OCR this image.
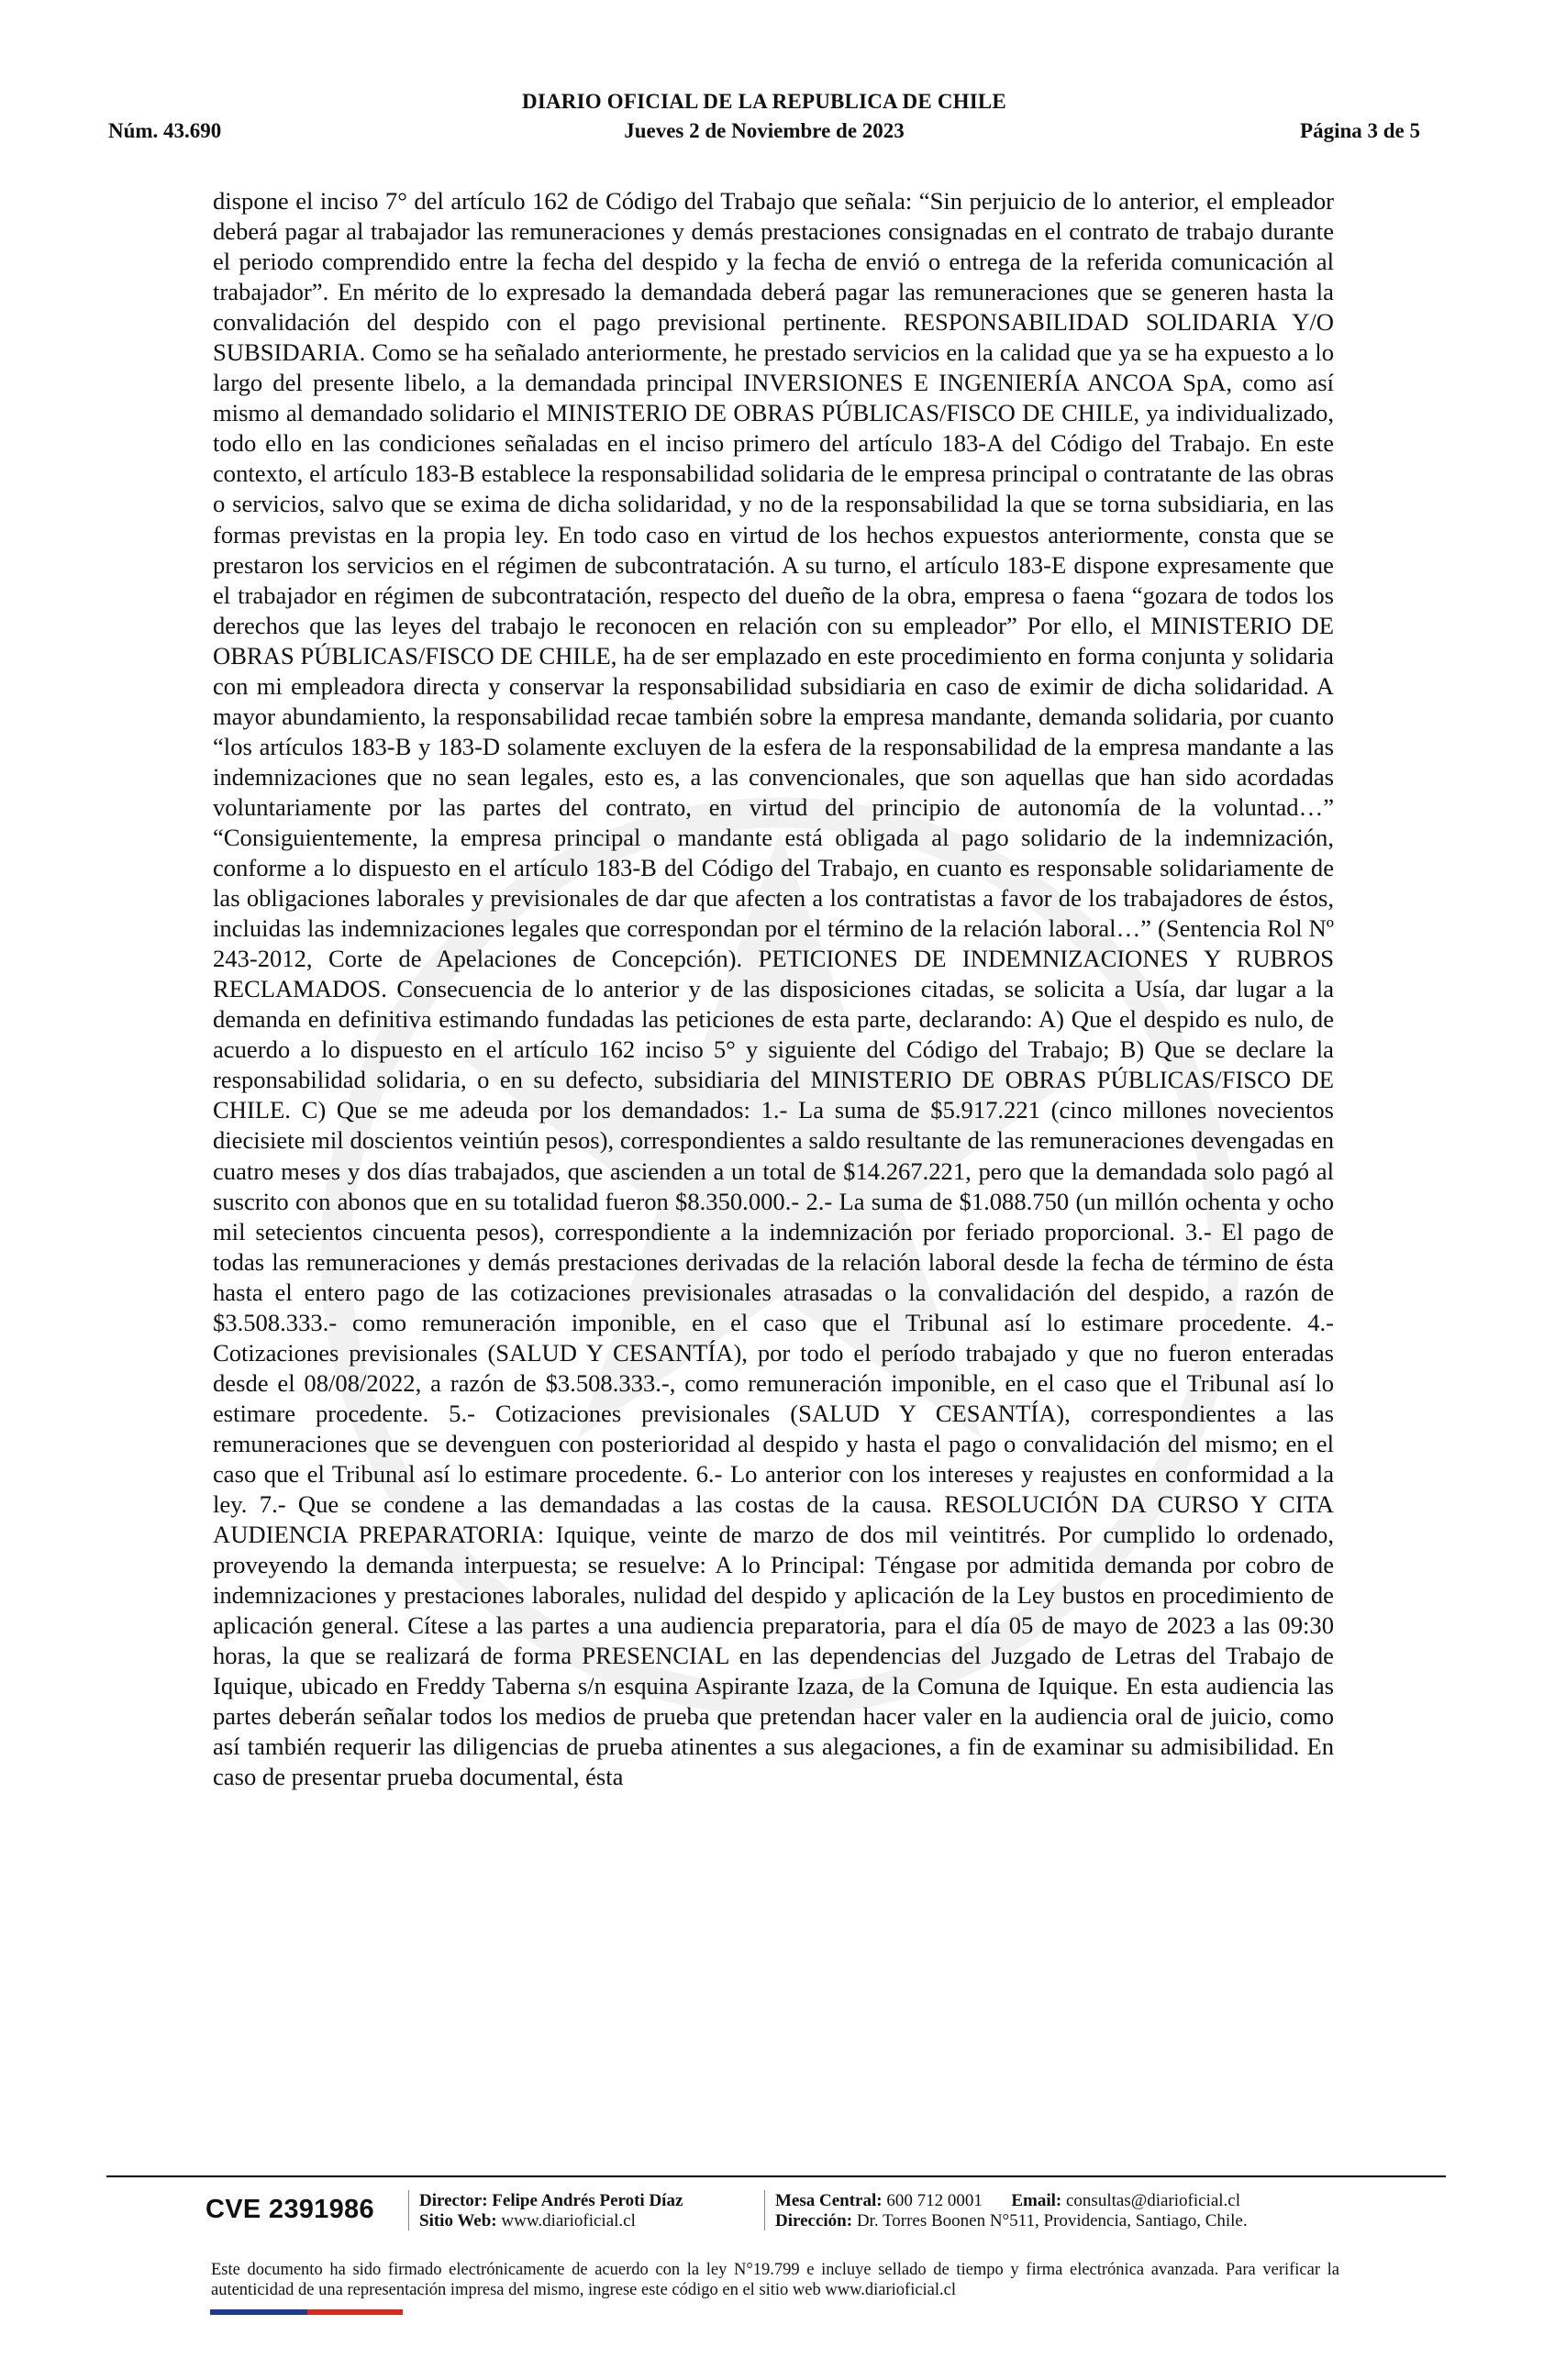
DIARIO OFICIAL DE LA REPUBLICA DE CHILE
Núm. 43.690	Jueves 2 de Noviembre de 2023	Página 3 de 5
dispone el inciso 7° del artículo 162 de Código del Trabajo que señala: “Sin perjuicio de lo anterior, el empleador deberá pagar al trabajador las remuneraciones y demás prestaciones consignadas en el contrato de trabajo durante el periodo comprendido entre la fecha del despido y la fecha de envió o entrega de la referida comunicación al trabajador”. En mérito de lo expresado la demandada deberá pagar las remuneraciones que se generen hasta la convalidación del despido con el pago previsional pertinente. RESPONSABILIDAD SOLIDARIA Y/O SUBSIDARIA. Como se ha señalado anteriormente, he prestado servicios en la calidad que ya se ha expuesto a lo largo del presente libelo, a la demandada principal INVERSIONES E INGENIERÍA ANCOA SpA, como así mismo al demandado solidario el MINISTERIO DE OBRAS PÚBLICAS/FISCO DE CHILE, ya individualizado, todo ello en las condiciones señaladas en el inciso primero del artículo 183-A del Código del Trabajo. En este contexto, el artículo 183-B establece la responsabilidad solidaria de le empresa principal o contratante de las obras o servicios, salvo que se exima de dicha solidaridad, y no de la responsabilidad la que se torna subsidiaria, en las formas previstas en la propia ley. En todo caso en virtud de los hechos expuestos anteriormente, consta que se prestaron los servicios en el régimen de subcontratación. A su turno, el artículo 183-E dispone expresamente que el trabajador en régimen de subcontratación, respecto del dueño de la obra, empresa o faena “gozara de todos los derechos que las leyes del trabajo le reconocen en relación con su empleador” Por ello, el MINISTERIO DE OBRAS PÚBLICAS/FISCO DE CHILE, ha de ser emplazado en este procedimiento en forma conjunta y solidaria con mi empleadora directa y conservar la responsabilidad subsidiaria en caso de eximir de dicha solidaridad. A mayor abundamiento, la responsabilidad recae también sobre la empresa mandante, demanda solidaria, por cuanto “los artículos 183-B y 183-D solamente excluyen de la esfera de la responsabilidad de la empresa mandante a las indemnizaciones que no sean legales, esto es, a las convencionales, que son aquellas que han sido acordadas voluntariamente por las partes del contrato, en virtud del principio de autonomía de la voluntad…” “Consiguientemente, la empresa principal o mandante está obligada al pago solidario de la indemnización, conforme a lo dispuesto en el artículo 183-B del Código del Trabajo, en cuanto es responsable solidariamente de las obligaciones laborales y previsionales de dar que afecten a los contratistas a favor de los trabajadores de éstos, incluidas las indemnizaciones legales que correspondan por el término de la relación laboral…” (Sentencia Rol Nº 243-2012, Corte de Apelaciones de Concepción). PETICIONES DE INDEMNIZACIONES Y RUBROS RECLAMADOS. Consecuencia de lo anterior y de las disposiciones citadas, se solicita a Usía, dar lugar a la demanda en definitiva estimando fundadas las peticiones de esta parte, declarando: A) Que el despido es nulo, de acuerdo a lo dispuesto en el artículo 162 inciso 5° y siguiente del Código del Trabajo; B) Que se declare la responsabilidad solidaria, o en su defecto, subsidiaria del MINISTERIO DE OBRAS PÚBLICAS/FISCO DE CHILE. C) Que se me adeuda por los demandados: 1.- La suma de $5.917.221 (cinco millones novecientos diecisiete mil doscientos veintiún pesos), correspondientes a saldo resultante de las remuneraciones devengadas en cuatro meses y dos días trabajados, que ascienden a un total de $14.267.221, pero que la demandada solo pagó al suscrito con abonos que en su totalidad fueron $8.350.000.- 2.- La suma de $1.088.750 (un millón ochenta y ocho mil setecientos cincuenta pesos), correspondiente a la indemnización por feriado proporcional. 3.- El pago de todas las remuneraciones y demás prestaciones derivadas de la relación laboral desde la fecha de término de ésta hasta el entero pago de las cotizaciones previsionales atrasadas o la convalidación del despido, a razón de $3.508.333.- como remuneración imponible, en el caso que el Tribunal así lo estimare procedente. 4.- Cotizaciones previsionales (SALUD Y CESANTÍA), por todo el período trabajado y que no fueron enteradas desde el 08/08/2022, a razón de $3.508.333.-, como remuneración imponible, en el caso que el Tribunal así lo estimare procedente. 5.- Cotizaciones previsionales (SALUD Y CESANTÍA), correspondientes a las remuneraciones que se devenguen con posterioridad al despido y hasta el pago o convalidación del mismo; en el caso que el Tribunal así lo estimare procedente. 6.- Lo anterior con los intereses y reajustes en conformidad a la ley. 7.- Que se condene a las demandadas a las costas de la causa. RESOLUCIÓN DA CURSO Y CITA AUDIENCIA PREPARATORIA: Iquique, veinte de marzo de dos mil veintitrés. Por cumplido lo ordenado, proveyendo la demanda interpuesta; se resuelve: A lo Principal: Téngase por admitida demanda por cobro de indemnizaciones y prestaciones laborales, nulidad del despido y aplicación de la Ley bustos en procedimiento de aplicación general. Cítese a las partes a una audiencia preparatoria, para el día 05 de mayo de 2023 a las 09:30 horas, la que se realizará de forma PRESENCIAL en las dependencias del Juzgado de Letras del Trabajo de Iquique, ubicado en Freddy Taberna s/n esquina Aspirante Izaza, de la Comuna de Iquique. En esta audiencia las partes deberán señalar todos los medios de prueba que pretendan hacer valer en la audiencia oral de juicio, como así también requerir las diligencias de prueba atinentes a sus alegaciones, a fin de examinar su admisibilidad. En caso de presentar prueba documental, ésta
CVE 2391986	Director: Felipe Andrés Peroti Díaz
Sitio Web: www.diarioficial.cl
Mesa Central: 600 712 0001 Email: consultas@diarioficial.cl
Dirección: Dr. Torres Boonen N°511, Providencia, Santiago, Chile.
Este documento ha sido firmado electrónicamente de acuerdo con la ley N°19.799 e incluye sellado de tiempo y firma electrónica avanzada. Para verificar la autenticidad de una representación impresa del mismo, ingrese este código en el sitio web www.diarioficial.cl
